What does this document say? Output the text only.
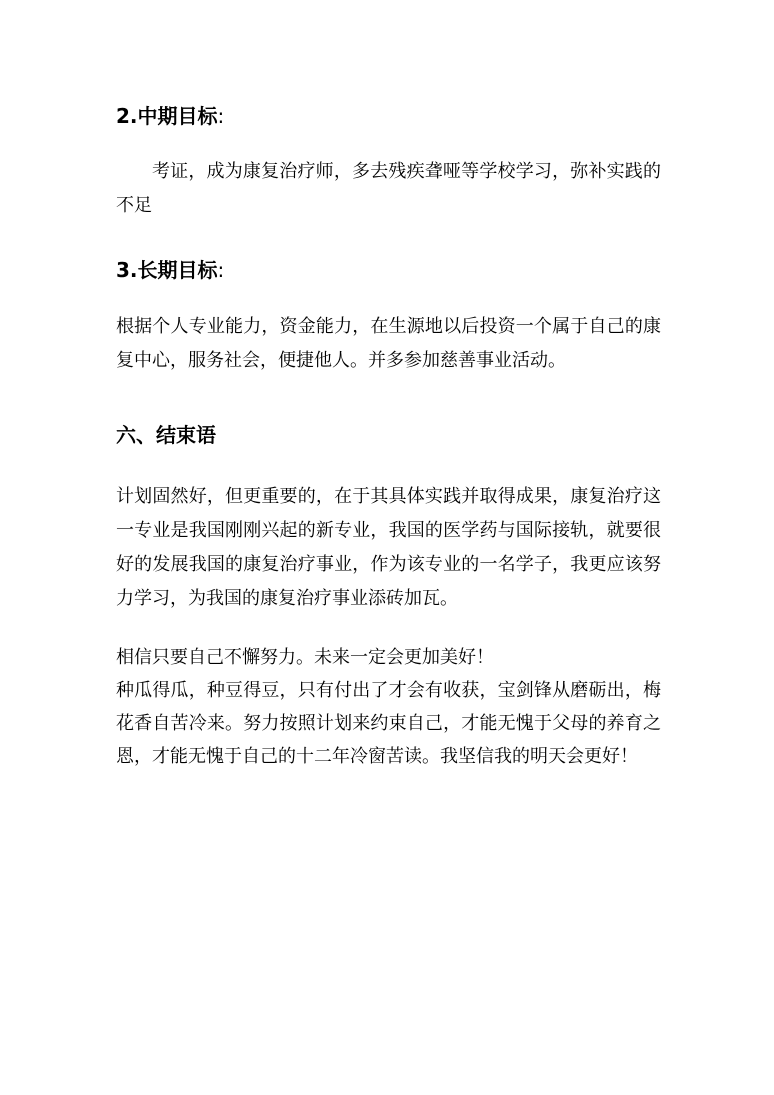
2.中期目标:

考证，成为康复治疗师，多去残疾聋哑等学校学习，弥补实践的不足

3.长期目标:

根据个人专业能力，资金能力，在生源地以后投资一个属于自己的康复中心，服务社会，便捷他人。并多参加慈善事业活动。

六、结束语

计划固然好，但更重要的，在于其具体实践并取得成果，康复治疗这一专业是我国刚刚兴起的新专业，我国的医学药与国际接轨，就要很好的发展我国的康复治疗事业，作为该专业的一名学子，我更应该努力学习，为我国的康复治疗事业添砖加瓦。

相信只要自己不懈努力。未来一定会更加美好！

种瓜得瓜，种豆得豆，只有付出了才会有收获，宝剑锋从磨砺出，梅花香自苦冷来。努力按照计划来约束自己，才能无愧于父母的养育之恩，才能无愧于自己的十二年冷窗苦读。我坚信我的明天会更好！
